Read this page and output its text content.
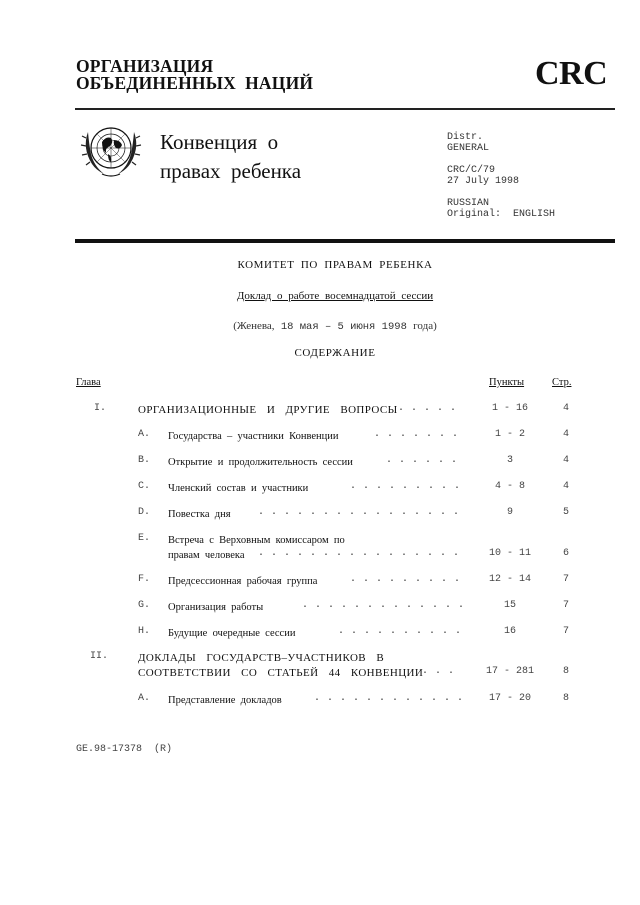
ОРГАНИЗАЦИЯ
ОБЪЕДИНЕННЫХ  НАЦИЙ	CRC
Конвенция  о
правах  ребенка
Distr.
GENERAL
CRC/C/79
27 July 1998
RUSSIAN
Original:  ENGLISH
КОМИТЕТ ПО ПРАВАМ РЕБЕНКА
Доклад о работе восемнадцатой сессии
(Женева, 18 мая – 5 июня 1998 года)
СОДЕРЖАНИЕ
Глава	Пункты	Стр.
I.	ОРГАНИЗАЦИОННЫЕ  И  ДРУГИЕ  ВОПРОСЫ . . . . .	1 - 16	4
A. Государства  –  участники  Конвенции	. . . . . . .	1 - 2	4
B. Открытие  и  продолжительность  сессии	. . . . . .	3	4
C. Членский  состав  и  участники	. . . . . . . . .	4 - 8	4
D. Повестка  дня	. . . . . . . . . . . . . . . .	9	5
E. Встреча  с  Верховным  комиссаром  по
правам  человека . . . . . . . . . . . . . . . .	10 - 11	6
F. Предсессионная  рабочая  группа	. . . . . . . . .	12 - 14	7
G. Организация  работы	. . . . . . . . . . . . .	15	7
H. Будущие  очередные  сессии	. . . . . . . . . .	16	7
II.	ДОКЛАДЫ  ГОСУДАРСТВ–УЧАСТНИКОВ  В
СООТВЕТСТВИИ  СО  СТАТЬЕЙ  44  КОНВЕНЦИИ
. . .	17 - 281	8
A. Представление  докладов	. . . . . . . . . . . .	17 - 20	8
GE.98-17378  (R)
